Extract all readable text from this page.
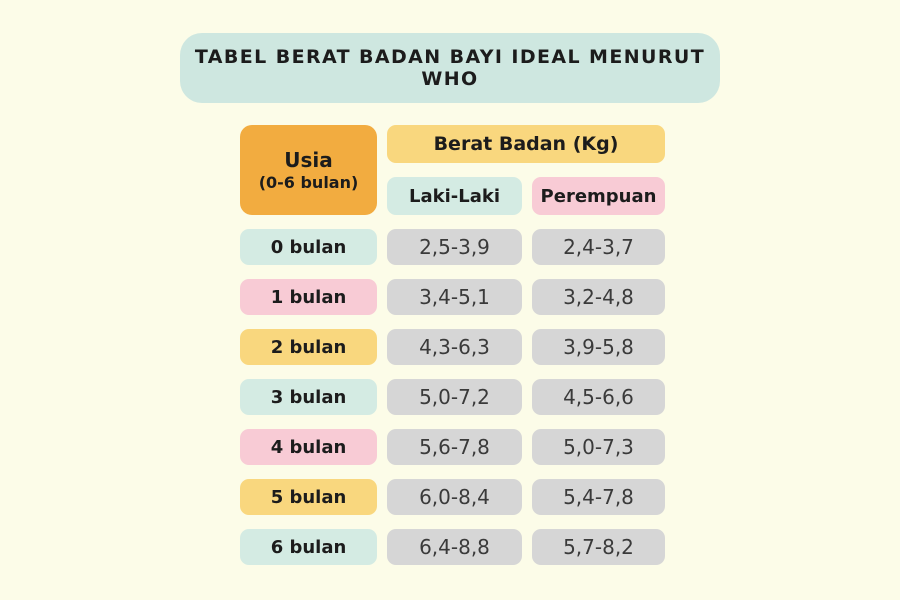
TABEL BERAT BADAN BAYI IDEAL MENURUT WHO
Usia
(0-6 bulan)
Berat Badan (Kg)
Laki-Laki Perempuan
0 bulan	2,5-3,9	2,4-3,7
1 bulan	3,4-5,1	3,2-4,8
2 bulan	4,3-6,3	3,9-5,8
3 bulan	5,0-7,2	4,5-6,6
4 bulan	5,6-7,8	5,0-7,3
5 bulan	6,0-8,4	5,4-7,8
6 bulan	6,4-8,8	5,7-8,2
